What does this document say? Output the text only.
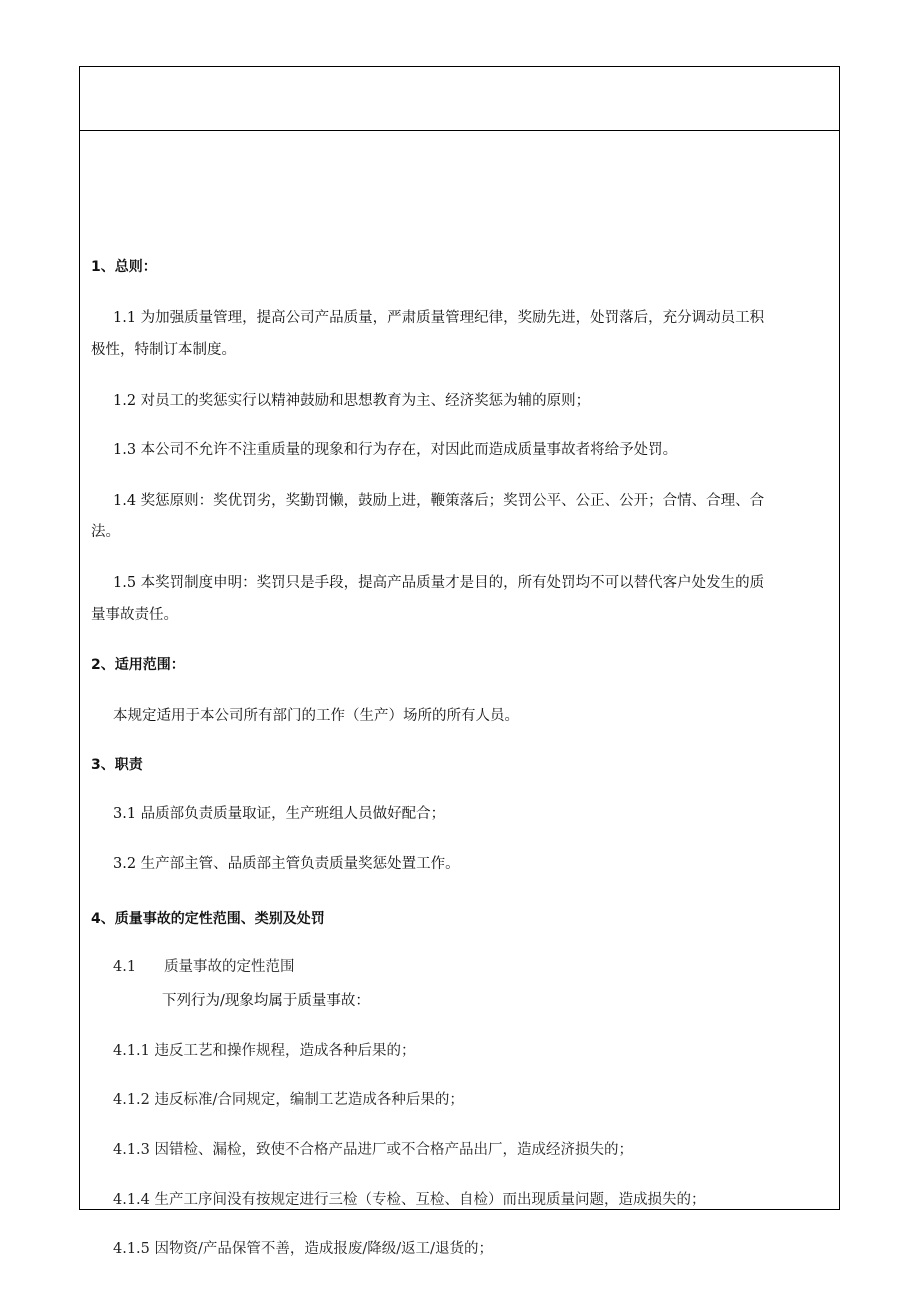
1、总则：
1.1 为加强质量管理，提高公司产品质量，严肃质量管理纪律，奖励先进，处罚落后，充分调动员工积
极性，特制订本制度。
1.2 对员工的奖惩实行以精神鼓励和思想教育为主、经济奖惩为辅的原则；
1.3 本公司不允许不注重质量的现象和行为存在，对因此而造成质量事故者将给予处罚。
1.4 奖惩原则：奖优罚劣，奖勤罚懒，鼓励上进，鞭策落后；奖罚公平、公正、公开；合情、合理、合
法。
1.5 本奖罚制度申明：奖罚只是手段，提高产品质量才是目的，所有处罚均不可以替代客户处发生的质
量事故责任。
2、适用范围：
本规定适用于本公司所有部门的工作（生产）场所的所有人员。
3、职责
3.1 品质部负责质量取证，生产班组人员做好配合；
3.2 生产部主管、品质部主管负责质量奖惩处置工作。
4、质量事故的定性范围、类别及处罚
4.1 质量事故的定性范围
下列行为/现象均属于质量事故：
4.1.1 违反工艺和操作规程，造成各种后果的；
4.1.2 违反标准/合同规定，编制工艺造成各种后果的；
4.1.3 因错检、漏检，致使不合格产品进厂或不合格产品出厂，造成经济损失的；
4.1.4 生产工序间没有按规定进行三检（专检、互检、自检）而出现质量问题，造成损失的；
4.1.5 因物资/产品保管不善，造成报废/降级/返工/退货的；
